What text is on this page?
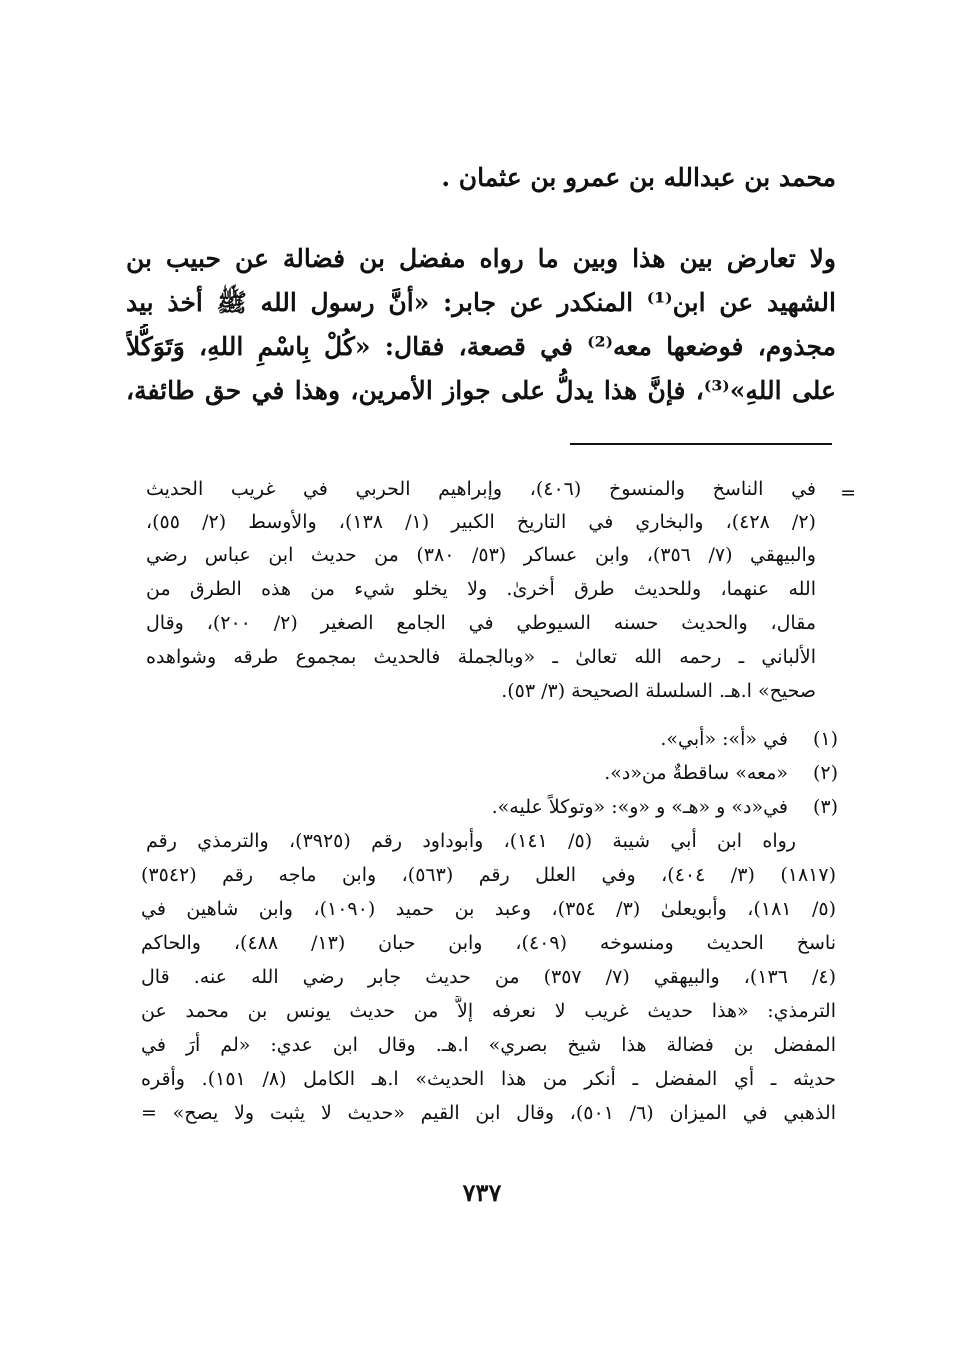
محمد بن عبدالله بن عمرو بن عثمان .
ولا تعارض بين هذا وبين ما رواه مفضل بن فضالة عن حبيب بن
الشهيد عن ابن⁽¹⁾ المنكدر عن جابر: «أنَّ رسول الله ﷺ أخذ بيد
مجذوم، فوضعها معه⁽²⁾ في قصعة، فقال: «كُلْ بِاسْمِ اللهِ، وَتَوَكُّلاً
على اللهِ»⁽³⁾، فإنَّ هذا يدلُّ على جواز الأمرين، وهذا في حق طائفة،
=
في الناسخ والمنسوخ (٤٠٦)، وإبراهيم الحربي في غريب الحديث
(٢/ ٤٢٨)، والبخاري في التاريخ الكبير (١/ ١٣٨)، والأوسط (٢/ ٥٥)،
والبيهقي (٧/ ٣٥٦)، وابن عساكر (٥٣/ ٣٨٠) من حديث ابن عباس رضي
الله عنهما، وللحديث طرق أخرىٰ. ولا يخلو شيء من هذه الطرق من
مقال، والحديث حسنه السيوطي في الجامع الصغير (٢/ ٢٠٠)، وقال
الألباني ـ رحمه الله تعالىٰ ـ «وبالجملة فالحديث بمجموع طرقه وشواهده
صحيح» ا.هـ. السلسلة الصحيحة (٣/ ٥٣).
(١)
في «أ»: «أبي».
(٢)
«معه» ساقطةٌ من«د».
(٣)
في«د» و «هـ» و «و»: «وتوكلاً عليه».
رواه ابن أبي شيبة (٥/ ١٤١)، وأبوداود رقم (٣٩٢٥)، والترمذي رقم
(١٨١٧) (٣/ ٤٠٤)، وفي العلل رقم (٥٦٣)، وابن ماجه رقم (٣٥٤٢)
(٥/ ١٨١)، وأبويعلىٰ (٣/ ٣٥٤)، وعبد بن حميد (١٠٩٠)، وابن شاهين في
ناسخ الحديث ومنسوخه (٤٠٩)، وابن حبان (١٣/ ٤٨٨)، والحاكم
(٤/ ١٣٦)، والبيهقي (٧/ ٣٥٧) من حديث جابر رضي الله عنه. قال
الترمذي: «هذا حديث غريب لا نعرفه إلاَّ من حديث يونس بن محمد عن
المفضل بن فضالة هذا شيخ بصري» ا.هـ. وقال ابن عدي: «لم أرَ في
حديثه ـ أي المفضل ـ أنكر من هذا الحديث» ا.هـ الكامل (٨/ ١٥١). وأقره
الذهبي في الميزان (٦/ ٥٠١)، وقال ابن القيم «حديث لا يثبت ولا يصح» =
٧٣٧
